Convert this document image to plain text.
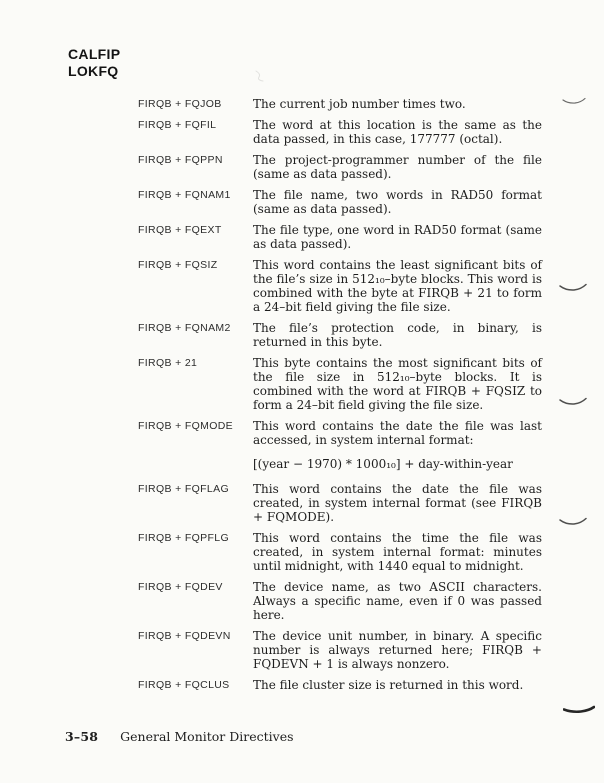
CALFIP
LOKFQ
FIRQB + FQJOB	The current job number times two.
FIRQB + FQFIL	The word at this location is the same as the data passed, in this case, 177777 (octal).
FIRQB + FQPPN	The project-programmer number of the file (same as data passed).
FIRQB + FQNAM1	The file name, two words in RAD50 format (same as data passed).
FIRQB + FQEXT	The file type, one word in RAD50 format (same as data passed).
FIRQB + FQSIZ	This word contains the least significant bits of the file’s size in 512₁₀–byte blocks. This word is combined with the byte at FIRQB + 21 to form a 24–bit field giving the file size.
FIRQB + FQNAM2	The file’s protection code, in binary, is returned in this byte.
FIRQB + 21	This byte contains the most significant bits of the file size in 512₁₀–byte blocks. It is combined with the word at FIRQB + FQSIZ to form a 24–bit field giving the file size.
FIRQB + FQMODE	This word contains the date the file was last accessed, in system internal format:

[(year − 1970) * 1000₁₀] + day-within-year

FIRQB + FQFLAG	This word contains the date the file was created, in system internal format (see FIRQB + FQMODE).
FIRQB + FQPFLG	This word contains the time the file was created, in system internal format: minutes until midnight, with 1440 equal to midnight.
FIRQB + FQDEV	The device name, as two ASCII characters. Always a specific name, even if 0 was passed here.
FIRQB + FQDEVN	The device unit number, in binary. A specific number is always returned here; FIRQB + FQDEVN + 1 is always nonzero.
FIRQB + FQCLUS	The file cluster size is returned in this word.
3–58 General Monitor Directives
